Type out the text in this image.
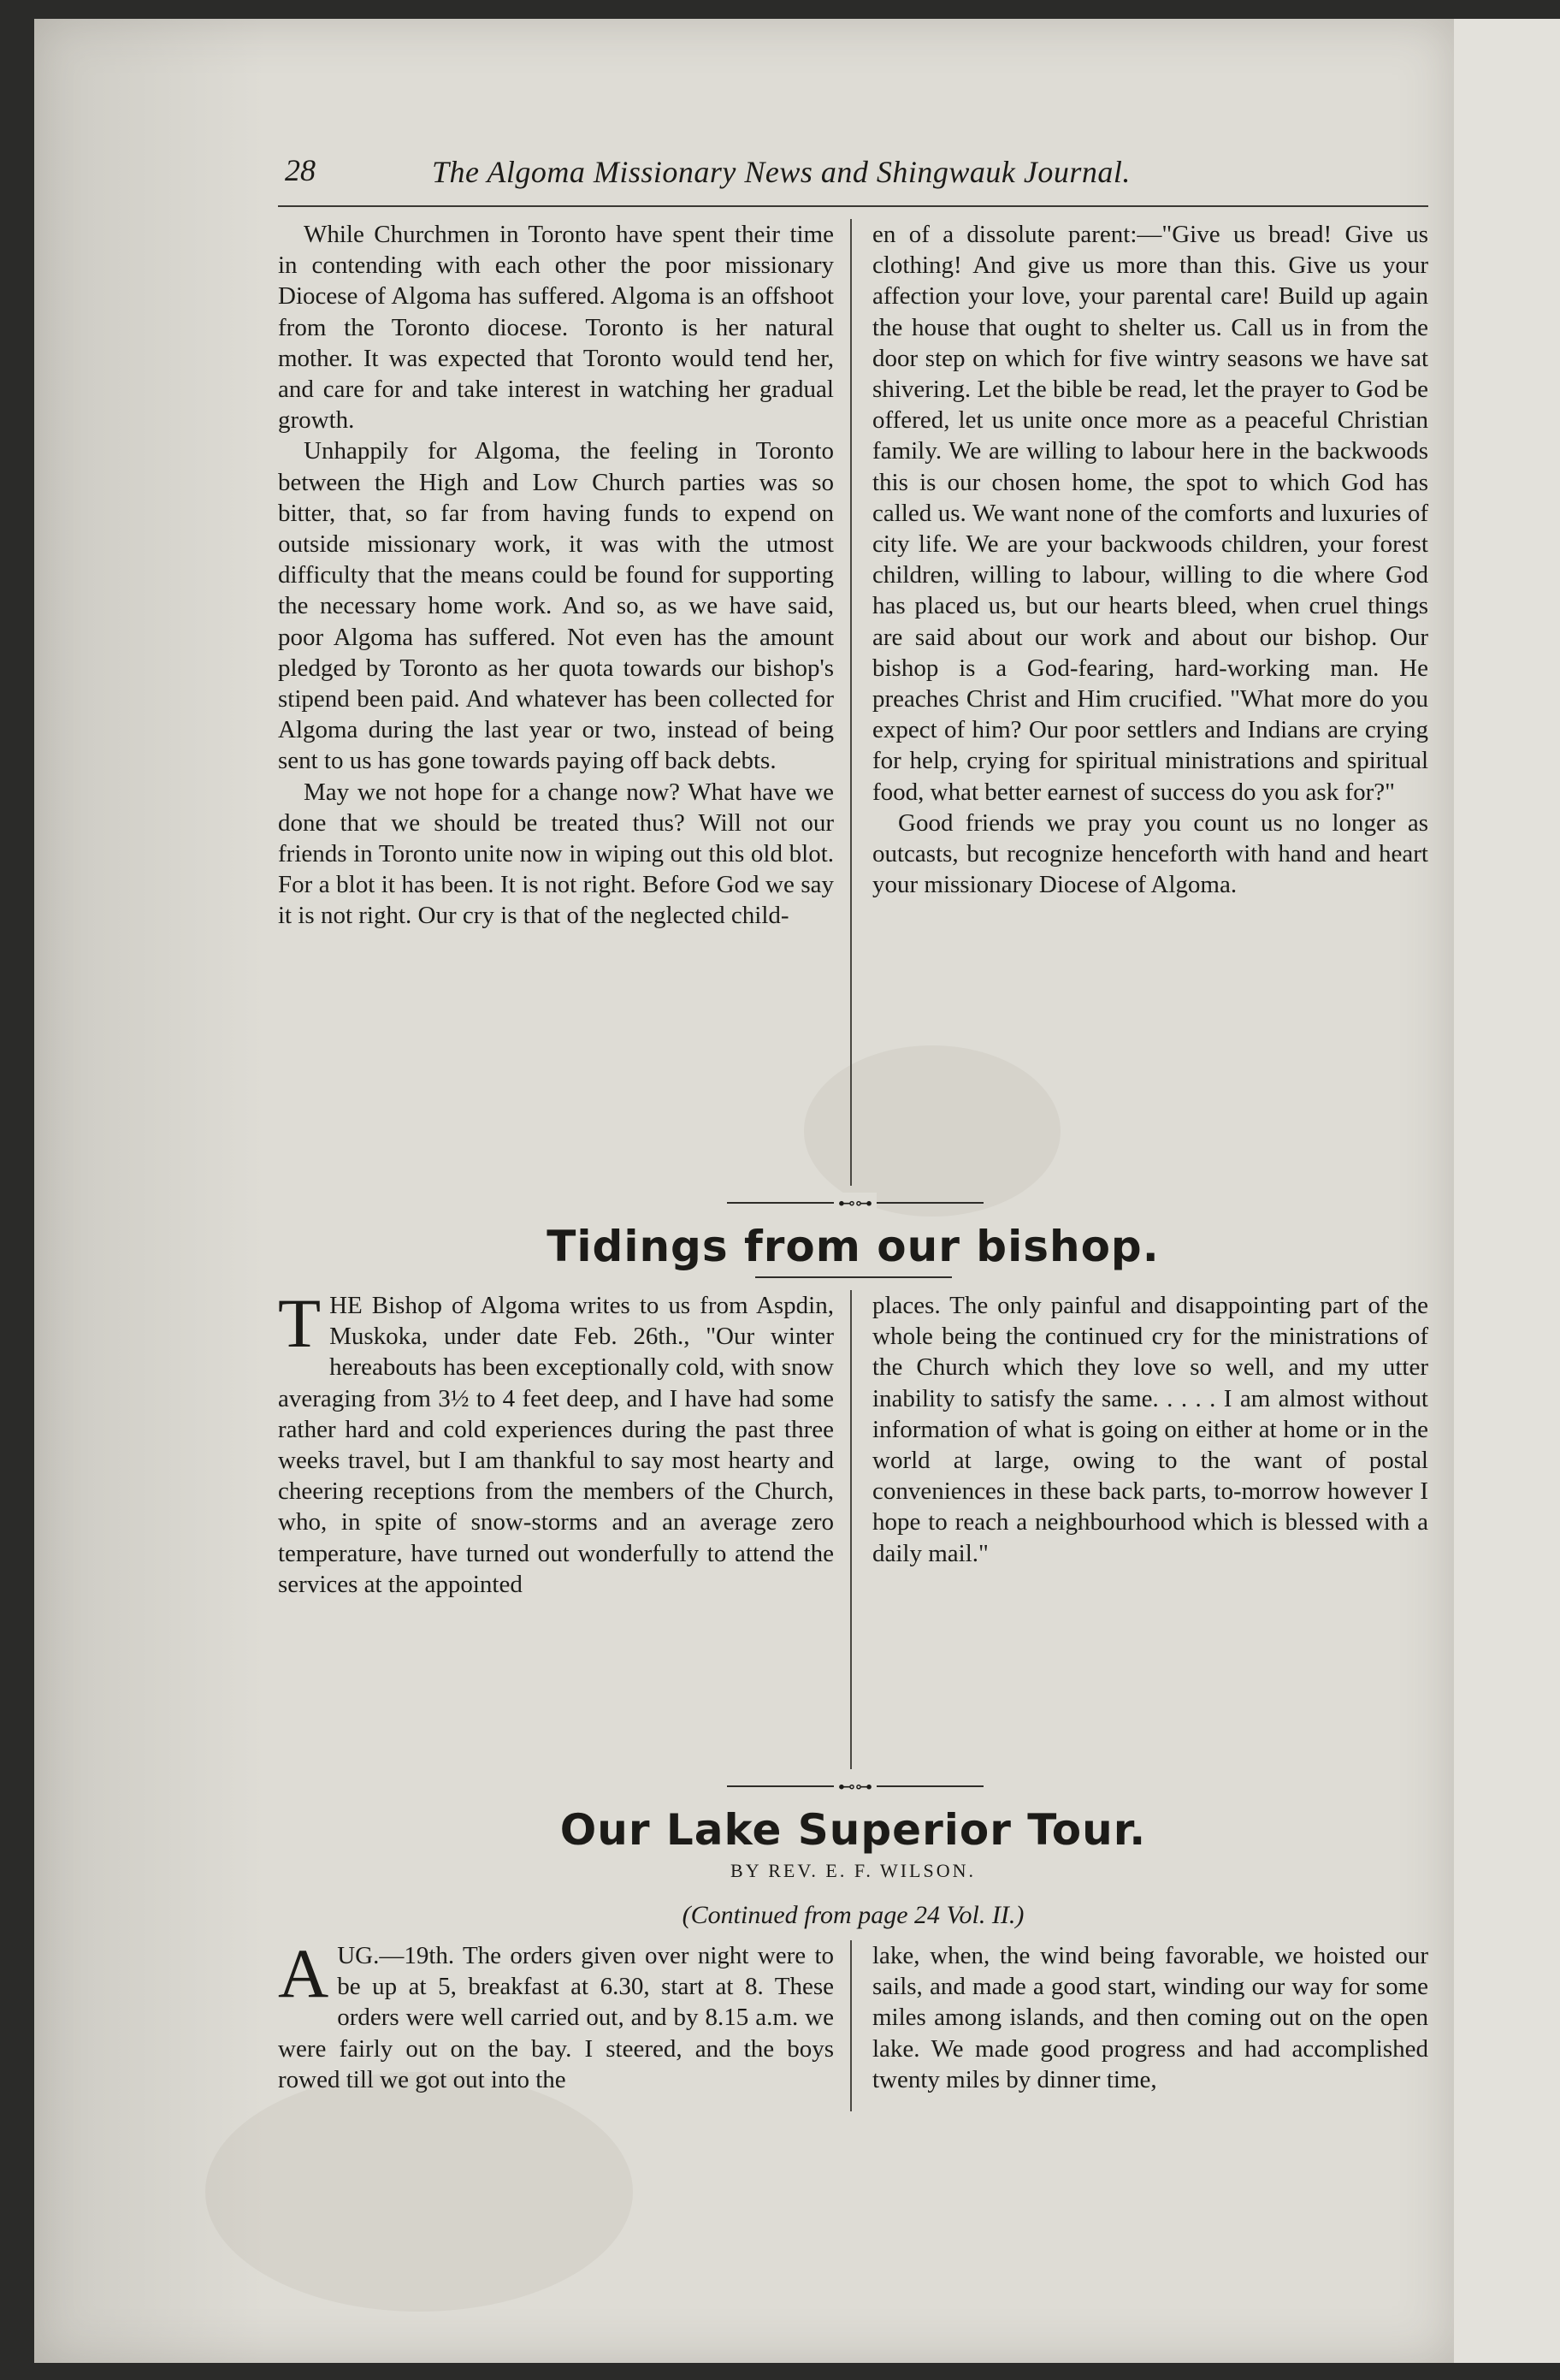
28	The Algoma Missionary News and Shingwauk Journal.

While Churchmen in Toronto have spent their time in contending with each other the poor missionary Diocese of Algoma has suffered. Algoma is an offshoot from the Toronto diocese. Toronto is her natural mother. It was expected that Toronto would tend her, and care for and take interest in watching her gradual growth.

Unhappily for Algoma, the feeling in Toronto between the High and Low Church parties was so bitter, that, so far from having funds to expend on outside missionary work, it was with the utmost difficulty that the means could be found for supporting the necessary home work. And so, as we have said, poor Algoma has suffered. Not even has the amount pledged by Toronto as her quota towards our bishop's stipend been paid. And whatever has been collected for Algoma during the last year or two, instead of being sent to us has gone towards paying off back debts.

May we not hope for a change now? What have we done that we should be treated thus? Will not our friends in Toronto unite now in wiping out this old blot. For a blot it has been. It is not right. Before God we say it is not right. Our cry is that of the neglected child-

en of a dissolute parent:—"Give us bread! Give us clothing! And give us more than this. Give us your affection your love, your parental care! Build up again the house that ought to shelter us. Call us in from the door step on which for five wintry seasons we have sat shivering. Let the bible be read, let the prayer to God be offered, let us unite once more as a peaceful Christian family. We are willing to labour here in the backwoods this is our chosen home, the spot to which God has called us. We want none of the comforts and luxuries of city life. We are your backwoods children, your forest children, willing to labour, willing to die where God has placed us, but our hearts bleed, when cruel things are said about our work and about our bishop. Our bishop is a God-fearing, hard-working man. He preaches Christ and Him crucified. "What more do you expect of him? Our poor settlers and Indians are crying for help, crying for spiritual ministrations and spiritual food, what better earnest of success do you ask for?"

Good friends we pray you count us no longer as outcasts, but recognize henceforth with hand and heart your missionary Diocese of Algoma.

⊷⊶
Tidings from our bishop.

THE Bishop of Algoma writes to us from Aspdin, Muskoka, under date Feb. 26th., "Our winter hereabouts has been exceptionally cold, with snow averaging from 3½ to 4 feet deep, and I have had some rather hard and cold experiences during the past three weeks travel, but I am thankful to say most hearty and cheering receptions from the members of the Church, who, in spite of snow-storms and an average zero temperature, have turned out wonderfully to attend the services at the appointed

places. The only painful and disappointing part of the whole being the continued cry for the ministrations of the Church which they love so well, and my utter inability to satisfy the same. . . . . I am almost without information of what is going on either at home or in the world at large, owing to the want of postal conveniences in these back parts, to-morrow however I hope to reach a neighbourhood which is blessed with a daily mail."

⊷⊶
Our Lake Superior Tour.
BY REV. E. F. WILSON.
(Continued from page 24 Vol. II.)

AUG.—19th. The orders given over night were to be up at 5, breakfast at 6.30, start at 8. These orders were well carried out, and by 8.15 a.m. we were fairly out on the bay. I steered, and the boys rowed till we got out into the

lake, when, the wind being favorable, we hoisted our sails, and made a good start, winding our way for some miles among islands, and then coming out on the open lake. We made good progress and had accomplished twenty miles by dinner time,
